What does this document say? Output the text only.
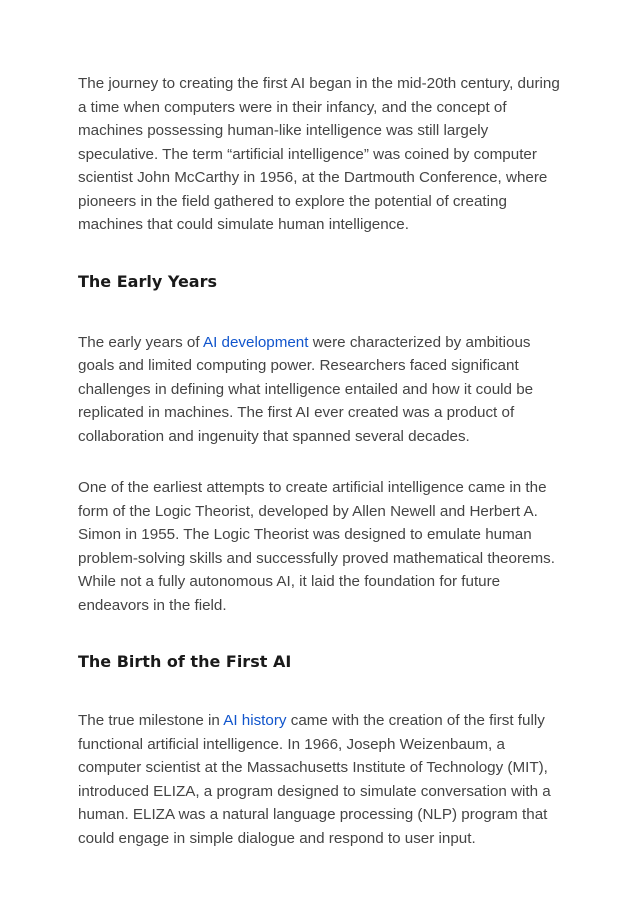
The journey to creating the first AI began in the mid-20th century, during a time when computers were in their infancy, and the concept of machines possessing human-like intelligence was still largely speculative. The term “artificial intelligence” was coined by computer scientist John McCarthy in 1956, at the Dartmouth Conference, where pioneers in the field gathered to explore the potential of creating machines that could simulate human intelligence.

The Early Years

The early years of AI development were characterized by ambitious goals and limited computing power. Researchers faced significant challenges in defining what intelligence entailed and how it could be replicated in machines. The first AI ever created was a product of collaboration and ingenuity that spanned several decades.

One of the earliest attempts to create artificial intelligence came in the form of the Logic Theorist, developed by Allen Newell and Herbert A. Simon in 1955. The Logic Theorist was designed to emulate human problem-solving skills and successfully proved mathematical theorems. While not a fully autonomous AI, it laid the foundation for future endeavors in the field.

The Birth of the First AI

The true milestone in AI history came with the creation of the first fully functional artificial intelligence. In 1966, Joseph Weizenbaum, a computer scientist at the Massachusetts Institute of Technology (MIT), introduced ELIZA, a program designed to simulate conversation with a human. ELIZA was a natural language processing (NLP) program that could engage in simple dialogue and respond to user input.
